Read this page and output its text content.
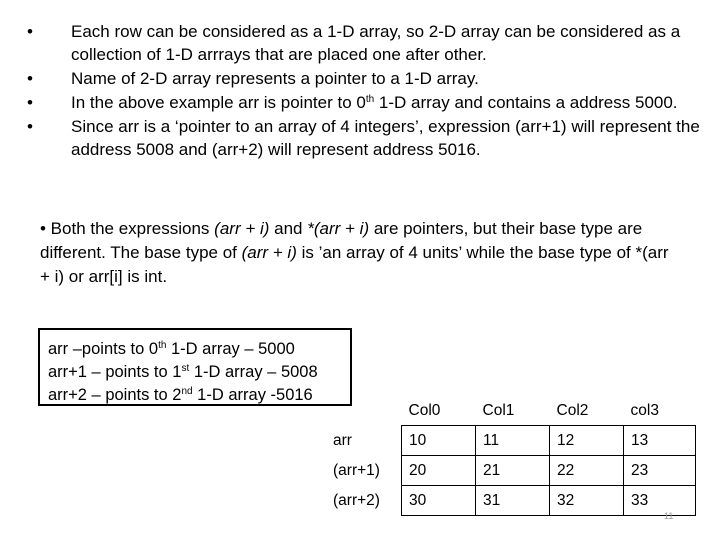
• Each row can be considered as a 1-D array, so 2-D array can be considered as a collection of 1-D arrrays that are placed one after other.
• Name of 2-D array represents a pointer to a 1-D array.
• In the above example arr is pointer to 0th 1-D array and contains a address 5000.
• Since arr is a ‘pointer to an array of 4 integers’, expression (arr+1) will represent the address 5008 and (arr+2) will represent address 5016.

• Both the expressions (arr + i) and *(arr + i) are pointers, but their base type are different. The base type of (arr + i) is ’an array of 4 units’ while the base type of *(arr + i) or arr[i] is int.

arr –points to 0th 1-D array – 5000
arr+1 – points to 1st 1-D array – 5008
arr+2 – points to 2nd 1-D array -5016
	Col0	Col1	Col2	col3
arr	10	11	12	13
(arr+1)	20	21	22	23
(arr+2)	30	31	32	33
11
